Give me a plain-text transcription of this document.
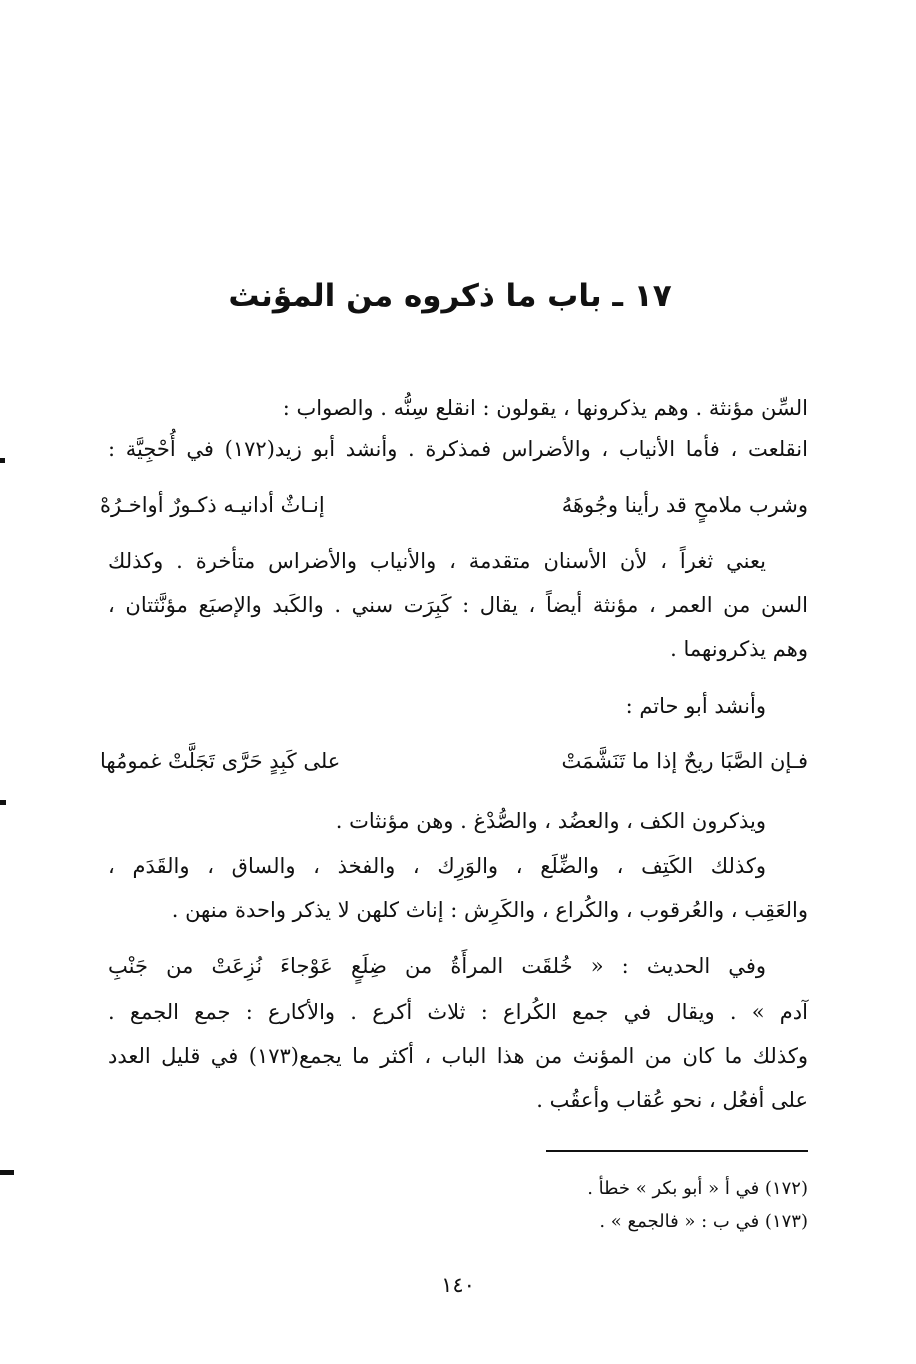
١٧ ـ باب ما ذكروه من المؤنث
السِّن مؤنثة . وهم يذكرونها ، يقولون : انقلع سِنُّه . والصواب :
انقلعت ، فأما الأنياب ، والأضراس فمذكرة . وأنشد أبو زيد(١٧٢) في أُحْجِيَّة :
وشرب ملامحٍ قد رأينا وجُوهَهُ
إنـاثٌ أداني‍ـه ذكـورٌ أواخـرُهْ
يعني ثغراً ، لأن الأسنان متقدمة ، والأنياب والأضراس متأخرة . وكذلك
السن من العمر ، مؤنثة أيضاً ، يقال : كَبِرَت سني . والكَبد والإصبَع مؤنَّثتان ،
وهم يذكرونهما .
وأنشد أبو حاتم :
فـإن الصَّبَا ريحٌ إذا ما تَنَشَّمَتْ
على كَبِدٍ حَرَّى تَجَلَّتْ غمومُها
ويذكرون الكف ، والعضُد ، والصُّدْغ . وهن مؤنثات .
وكذلك الكَتِف ، والضِّلَع ، والوَرِك ، والفخذ ، والساق ، والقَدَم ،
والعَقِب ، والعُرقوب ، والكُراع ، والكَرِش : إناث كلهن لا يذكر واحدة منهن .
وفي الحديث : « خُلقَت المرأَةُ من ضِلَعٍ عَوْجاءَ نُزِعَتْ من جَنْبِ
آدم » . ويقال في جمع الكُراع : ثلاث أكرع . والأكارع : جمع الجمع .
وكذلك ما كان من المؤنث من هذا الباب ، أكثر ما يجمع(١٧٣) في قليل العدد
على أفعُل ، نحو عُقاب وأعقُب .
(١٧٢) في أ « أبو بكر » خطأ .
(١٧٣) في ب : « فالجمع » .
١٤٠
